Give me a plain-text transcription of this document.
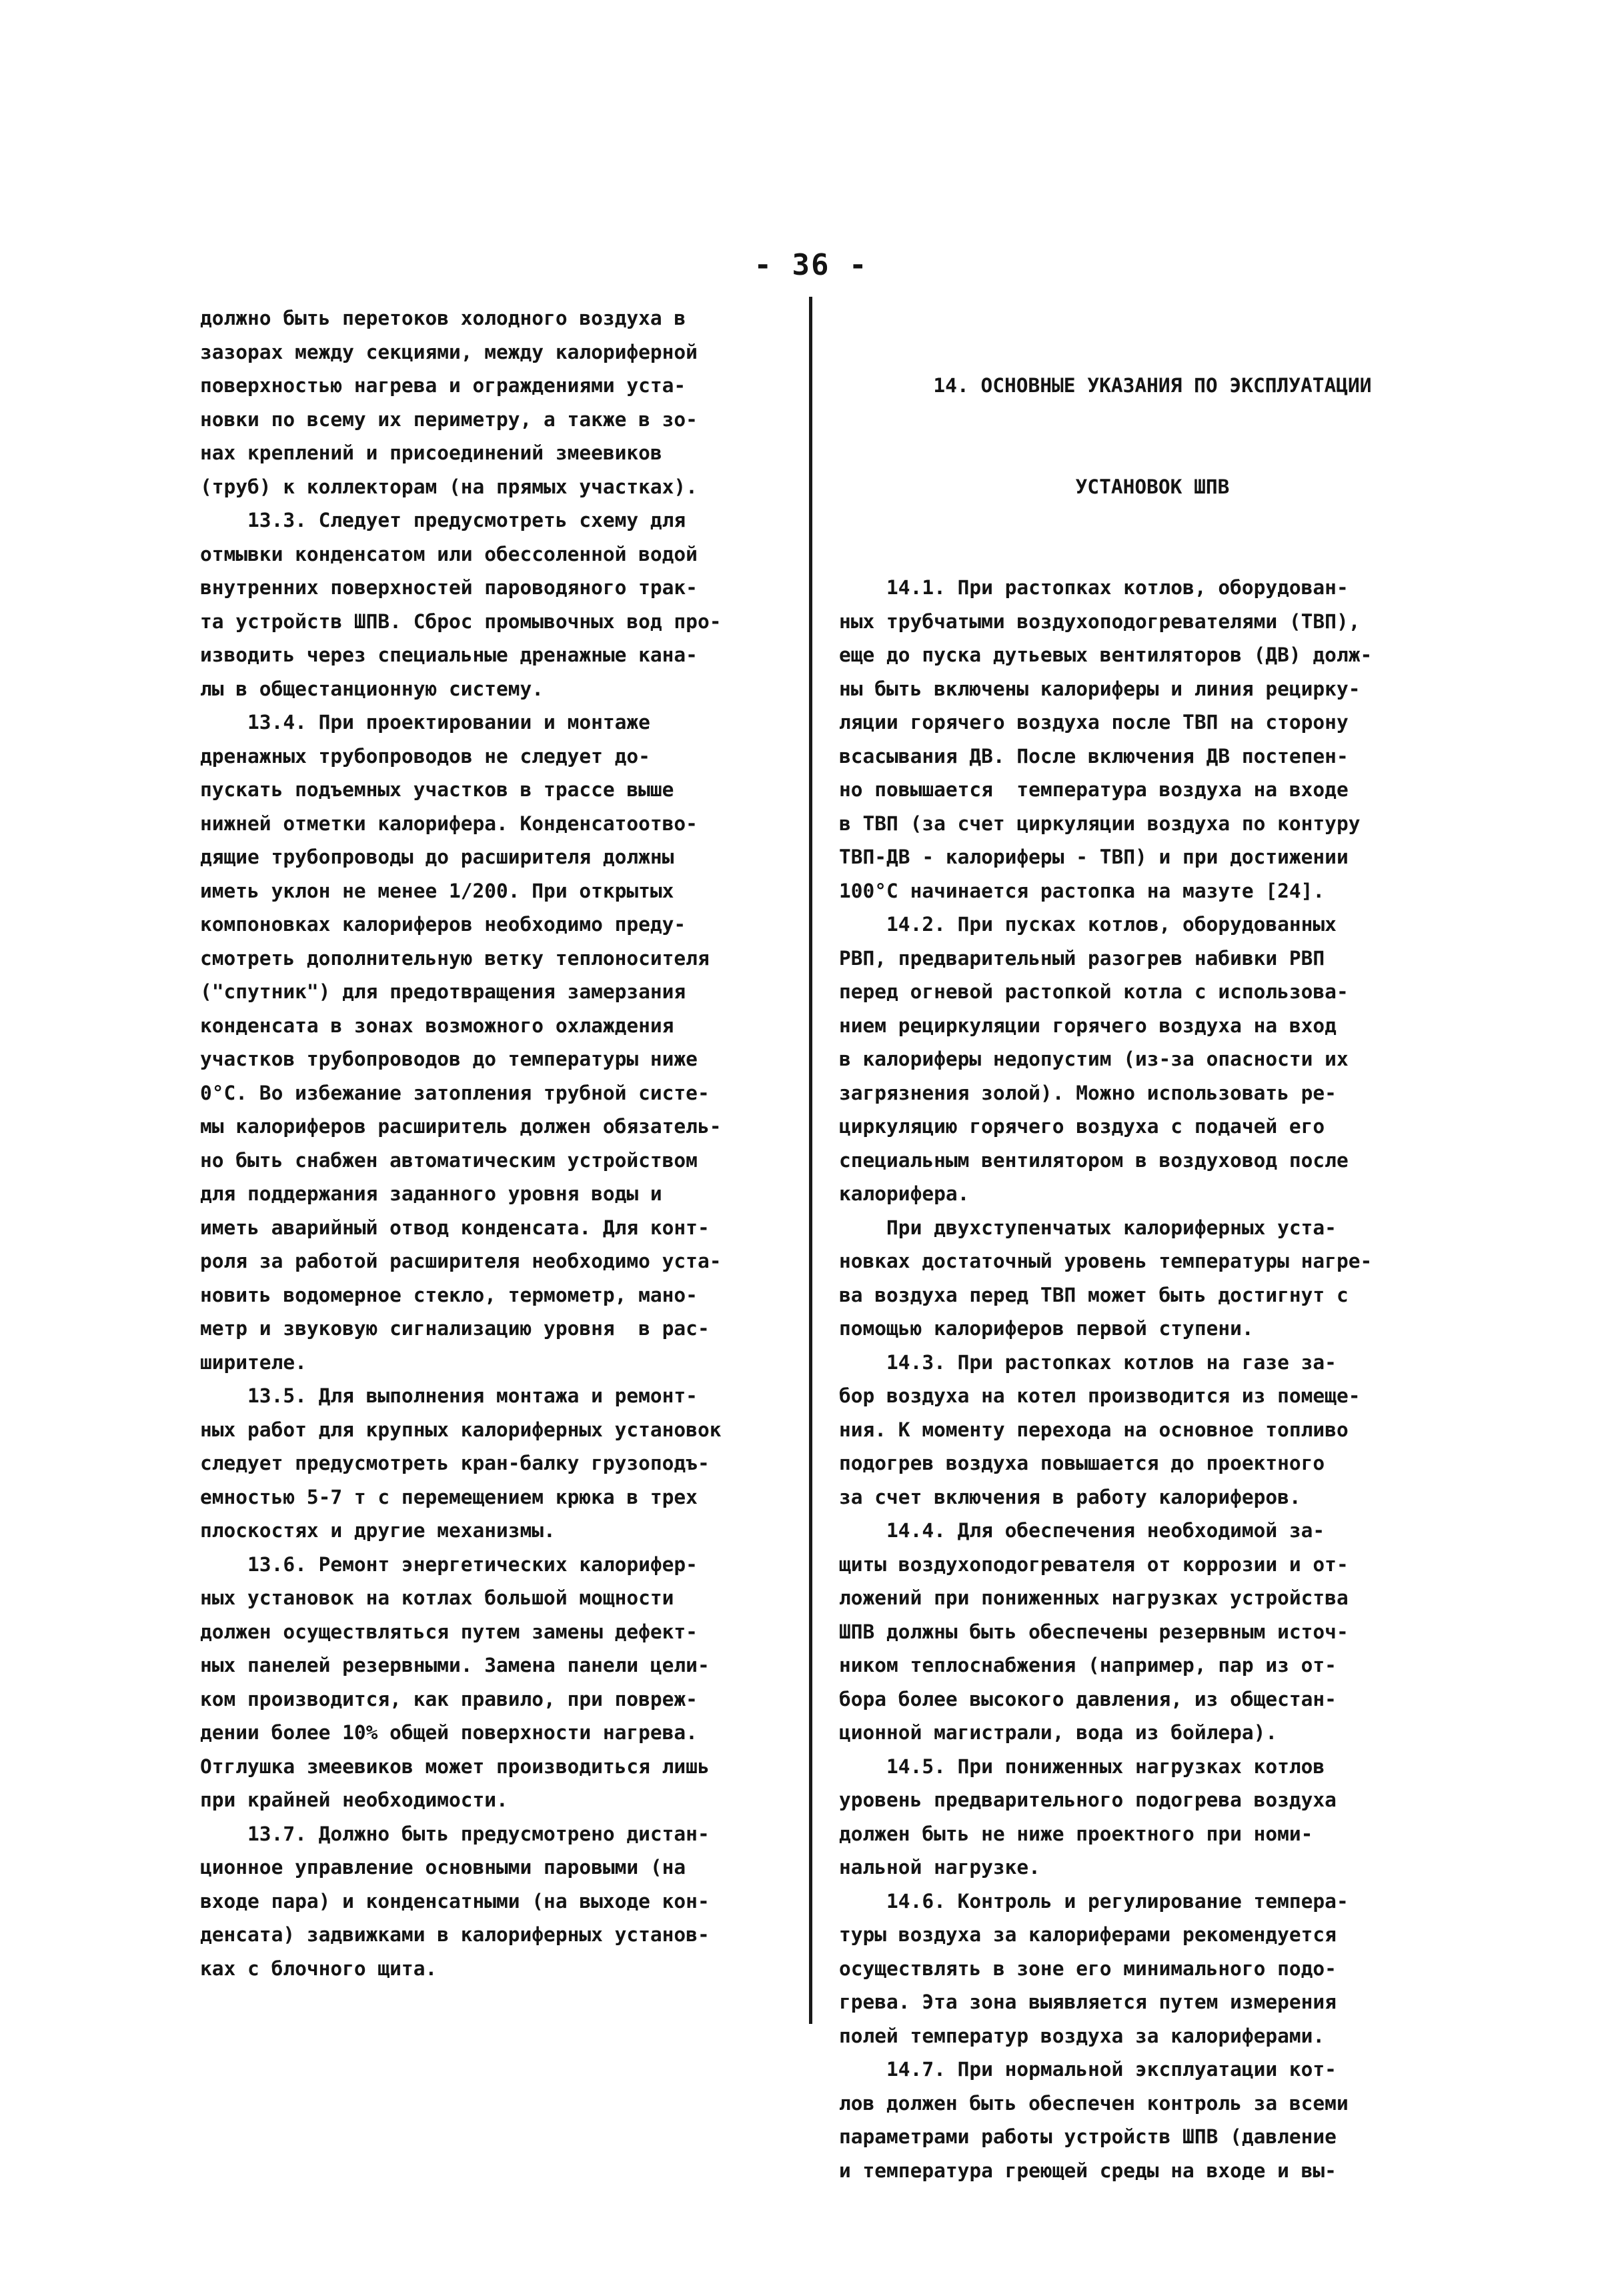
- 36 -
должно быть перетоков холодного воздуха в
зазорах между секциями, между калориферной
поверхностью нагрева и ограждениями уста-
новки по всему их периметру, а также в зо-
нах креплений и присоединений змеевиков
(труб) к коллекторам (на прямых участках).
13.3. Следует предусмотреть схему для
отмывки конденсатом или обессоленной водой
внутренних поверхностей пароводяного трак-
та устройств ШПВ. Сброс промывочных вод про-
изводить через специальные дренажные кана-
лы в общестанционную систему.
13.4. При проектировании и монтаже
дренажных трубопроводов не следует до-
пускать подъемных участков в трассе выше
нижней отметки калорифера. Конденсатоотво-
дящие трубопроводы до расширителя должны
иметь уклон не менее 1/200. При открытых
компоновках калориферов необходимо преду-
смотреть дополнительную ветку теплоносителя
("спутник") для предотвращения замерзания
конденсата в зонах возможного охлаждения
участков трубопроводов до температуры ниже
0°С. Во избежание затопления трубной систе-
мы калориферов расширитель должен обязатель-
но быть снабжен автоматическим устройством
для поддержания заданного уровня воды и
иметь аварийный отвод конденсата. Для конт-
роля за работой расширителя необходимо уста-
новить водомерное стекло, термометр, мано-
метр и звуковую сигнализацию уровня  в рас-
ширителе.
13.5. Для выполнения монтажа и ремонт-
ных работ для крупных калориферных установок
следует предусмотреть кран-балку грузоподъ-
емностью 5-7 т с перемещением крюка в трех
плоскостях и другие механизмы.
13.6. Ремонт энергетических калорифер-
ных установок на котлах большой мощности
должен осуществляться путем замены дефект-
ных панелей резервными. Замена панели цели-
ком производится, как правило, при повреж-
дении более 10% общей поверхности нагрева.
Отглушка змеевиков может производиться лишь
при крайней необходимости.
13.7. Должно быть предусмотрено дистан-
ционное управление основными паровыми (на
входе пара) и конденсатными (на выходе кон-
денсата) задвижками в калориферных установ-
ках с блочного щита.

14. ОСНОВНЫЕ УКАЗАНИЯ ПО ЭКСПЛУАТАЦИИ

УСТАНОВОК ШПВ

14.1. При растопках котлов, оборудован-
ных трубчатыми воздухоподогревателями (ТВП),
еще до пуска дутьевых вентиляторов (ДВ) долж-
ны быть включены калориферы и линия рецирку-
ляции горячего воздуха после ТВП на сторону
всасывания ДВ. После включения ДВ постепен-
но повышается  температура воздуха на входе
в ТВП (за счет циркуляции воздуха по контуру
ТВП-ДВ - калориферы - ТВП) и при достижении
100°С начинается растопка на мазуте [24].
14.2. При пусках котлов, оборудованных
РВП, предварительный разогрев набивки РВП
перед огневой растопкой котла с использова-
нием рециркуляции горячего воздуха на вход
в калориферы недопустим (из-за опасности их
загрязнения золой). Можно использовать ре-
циркуляцию горячего воздуха с подачей его
специальным вентилятором в воздуховод после
калорифера.
При двухступенчатых калориферных уста-
новках достаточный уровень температуры нагре-
ва воздуха перед ТВП может быть достигнут с
помощью калориферов первой ступени.
14.3. При растопках котлов на газе за-
бор воздуха на котел производится из помеще-
ния. К моменту перехода на основное топливо
подогрев воздуха повышается до проектного
за счет включения в работу калориферов.
14.4. Для обеспечения необходимой за-
щиты воздухоподогревателя от коррозии и от-
ложений при пониженных нагрузках устройства
ШПВ должны быть обеспечены резервным источ-
ником теплоснабжения (например, пар из от-
бора более высокого давления, из общестан-
ционной магистрали, вода из бойлера).
14.5. При пониженных нагрузках котлов
уровень предварительного подогрева воздуха
должен быть не ниже проектного при номи-
нальной нагрузке.
14.6. Контроль и регулирование темпера-
туры воздуха за калориферами рекомендуется
осуществлять в зоне его минимального подо-
грева. Эта зона выявляется путем измерения
полей температур воздуха за калориферами.
14.7. При нормальной эксплуатации кот-
лов должен быть обеспечен контроль за всеми
параметрами работы устройств ШПВ (давление
и температура греющей среды на входе и вы-
